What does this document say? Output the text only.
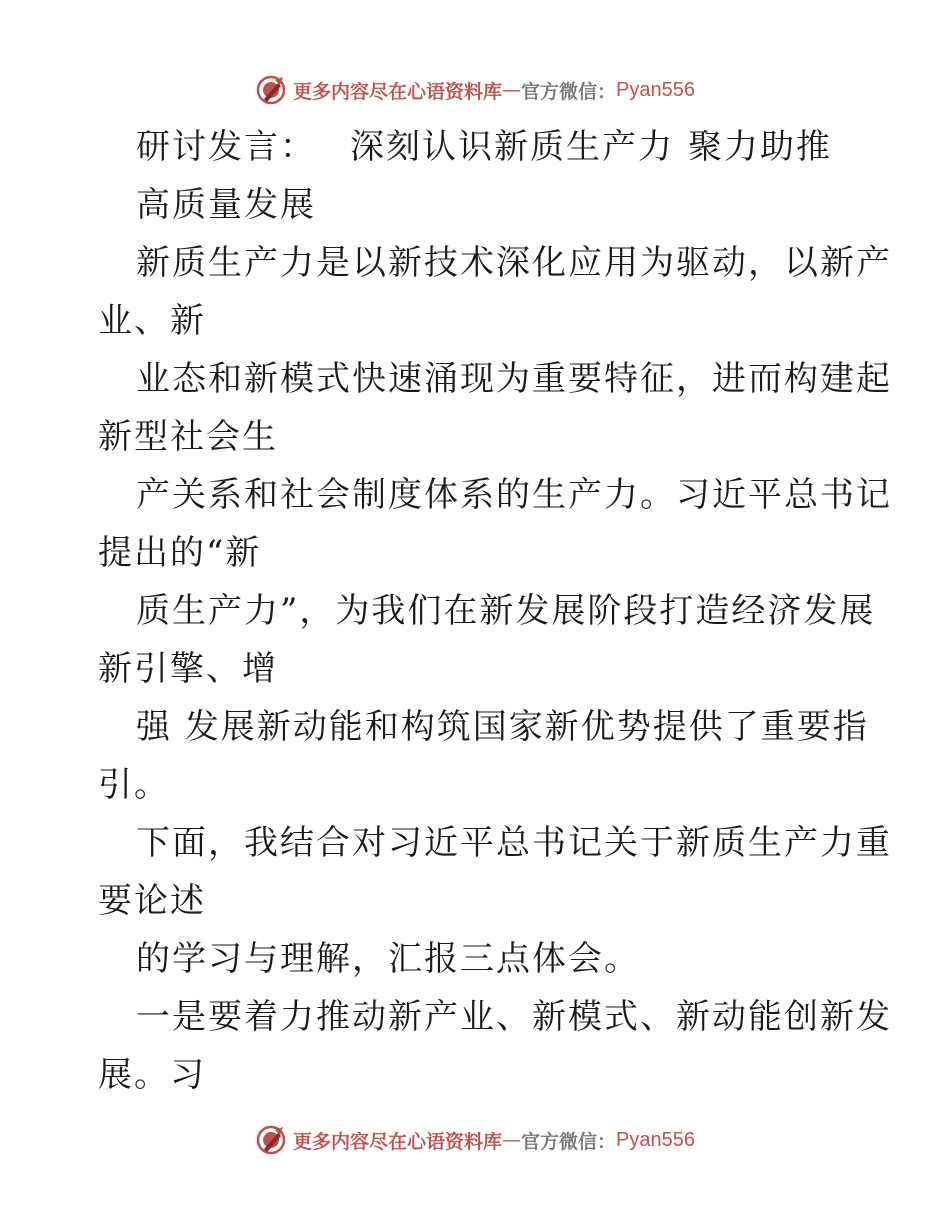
更多内容尽在心语资料库 — 官方微信： Pyan556
研讨发言： 深刻认识新质生产力 聚力助推
高质量发展
新质生产力是以新技术深化应用为驱动，以新产
业、新
业态和新模式快速涌现为重要特征，进而构建起
新型社会生
产关系和社会制度体系的生产力。习近平总书记
提出的“新
质生产力”，为我们在新发展阶段打造经济发展
新引擎、增
强 发展新动能和构筑国家新优势提供了重要指
引。
下面，我结合对习近平总书记关于新质生产力重
要论述
的学习与理解，汇报三点体会。
一是要着力推动新产业、新模式、新动能创新发
展。习
更多内容尽在心语资料库 — 官方微信： Pyan556
